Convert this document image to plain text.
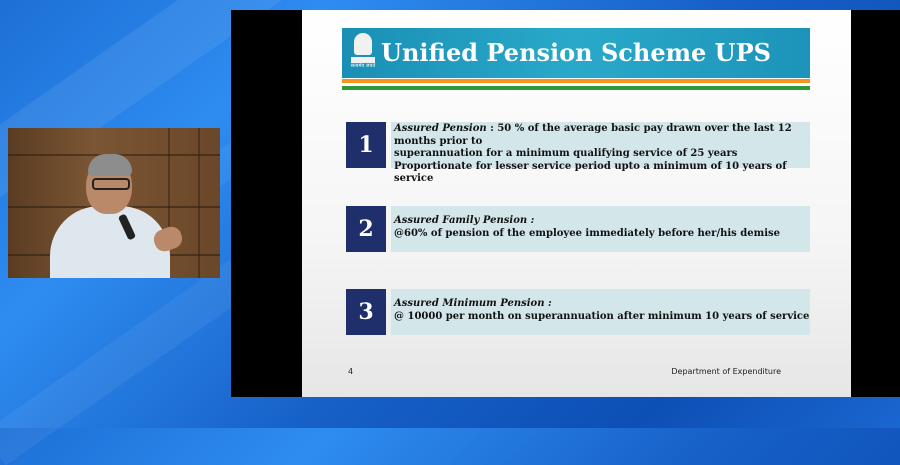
सत्यमेव जयते Unified Pension Scheme UPS
1
Assured Pension : 50 % of the average basic pay drawn over the last 12 months prior to
superannuation for a minimum qualifying service of 25 years
Proportionate for lesser service period upto a minimum of 10 years of service
2	Assured Family Pension :
@60% of pension of the employee immediately before her/his demise
3	Assured Minimum Pension :
@ 10000 per month on superannuation after minimum 10 years of service
4	Department of Expenditure
